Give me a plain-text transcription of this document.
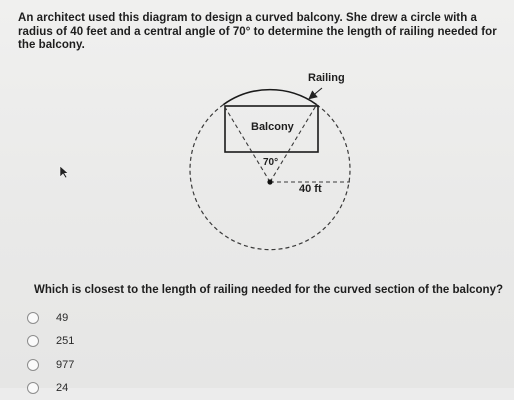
An architect used this diagram to design a curved balcony. She drew a circle with a radius of 40 feet and a central angle of 70° to determine the length of railing needed for the balcony.
Railing
Balcony
70°
40 ft
Which is closest to the length of railing needed for the curved section of the balcony?
49
251
977
24
